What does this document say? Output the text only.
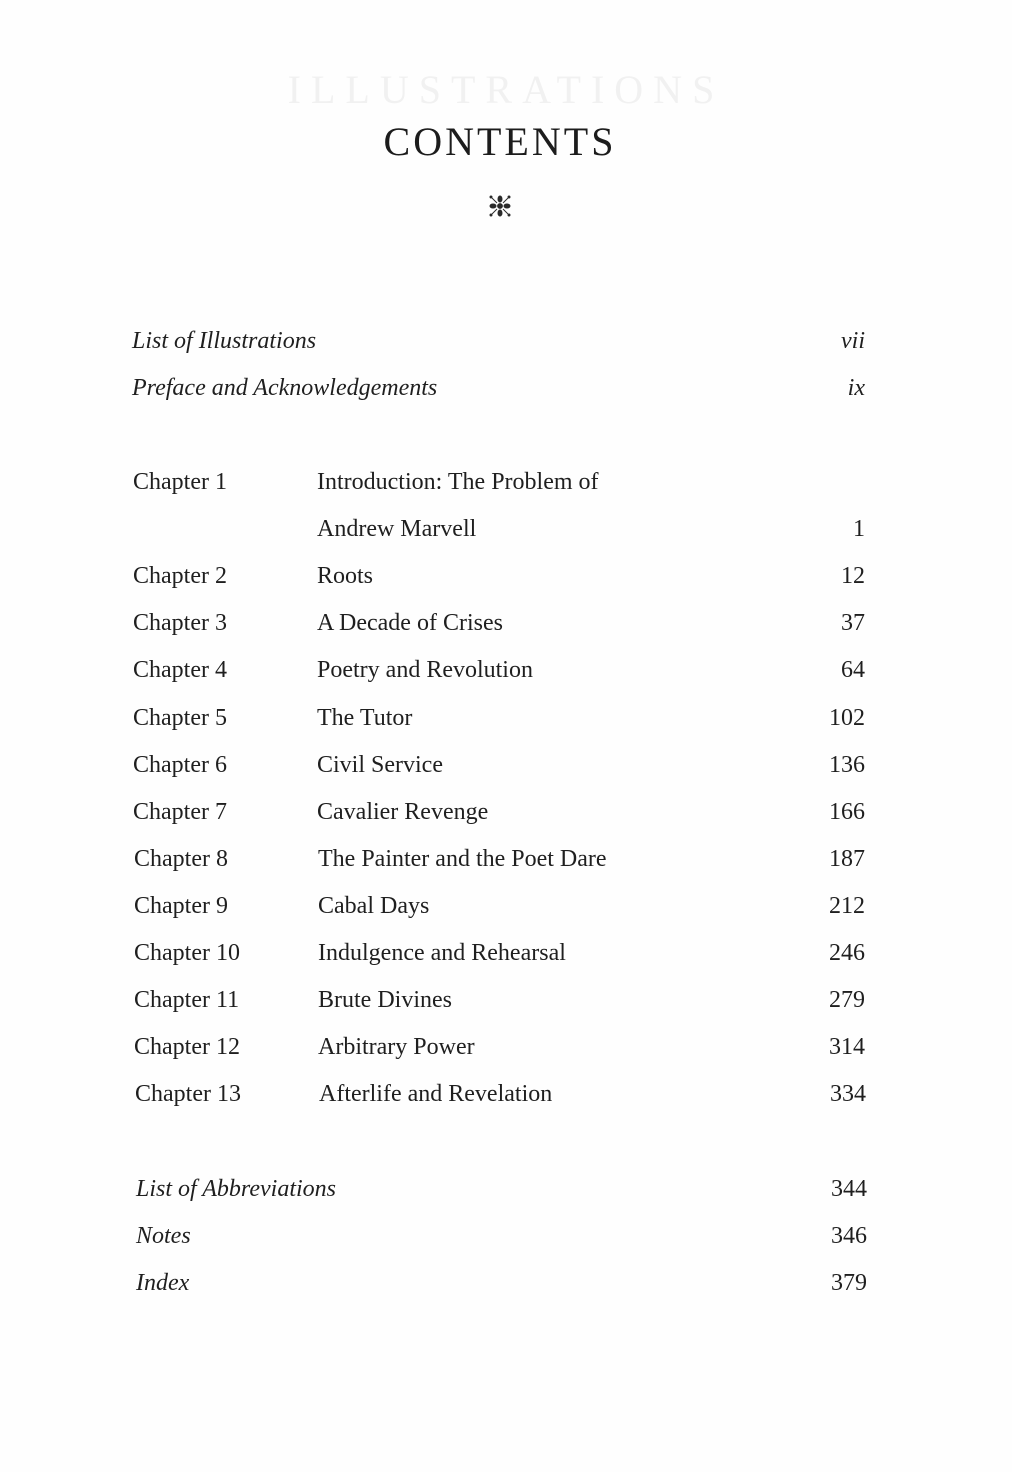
ILLUSTRATIONS
CONTENTS
List of Illustrations	vii
Preface and Acknowledgements	ix
Chapter 1	Introduction: The Problem of
Andrew Marvell	1
Chapter 2	Roots	12
Chapter 3	A Decade of Crises	37
Chapter 4	Poetry and Revolution	64
Chapter 5	The Tutor	102
Chapter 6	Civil Service	136
Chapter 7	Cavalier Revenge	166
Chapter 8	The Painter and the Poet Dare	187
Chapter 9	Cabal Days	212
Chapter 10	Indulgence and Rehearsal	246
Chapter 11	Brute Divines	279
Chapter 12	Arbitrary Power	314
Chapter 13	Afterlife and Revelation	334
List of Abbreviations	344
Notes	346
Index	379
